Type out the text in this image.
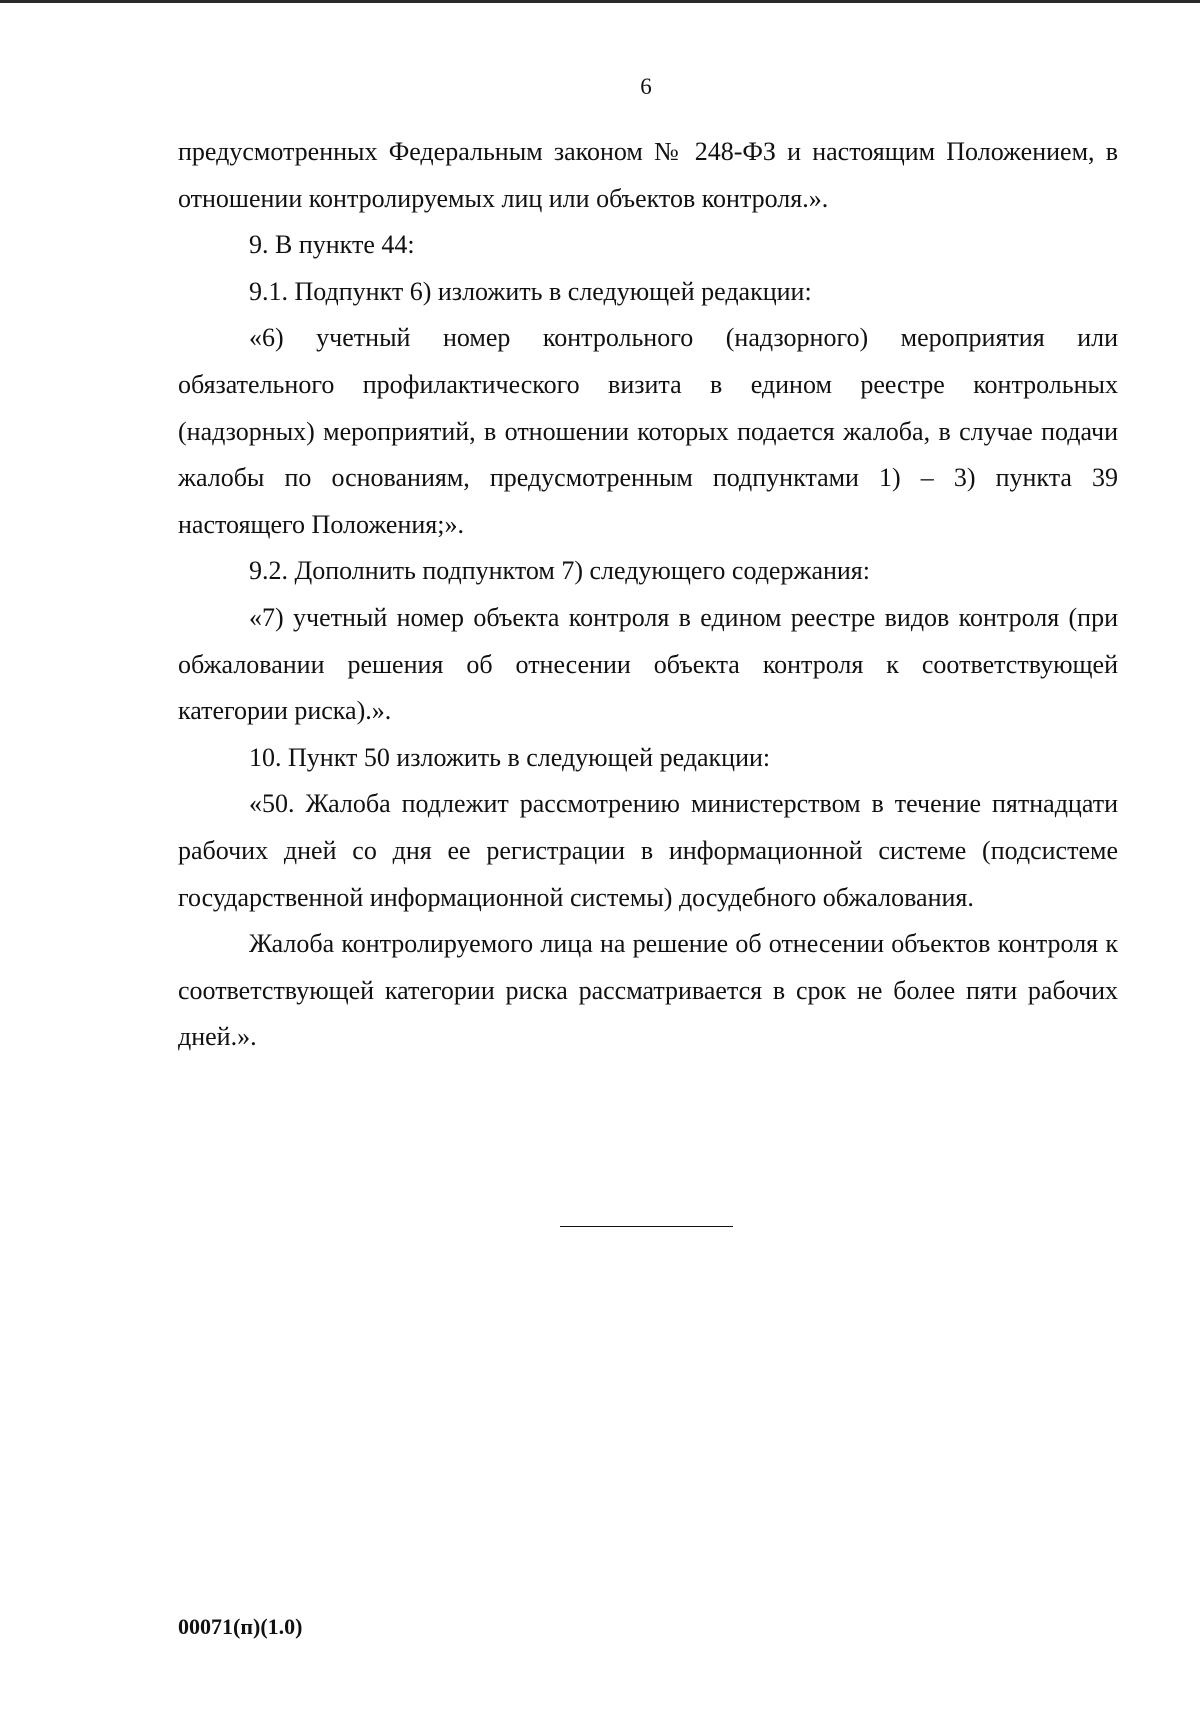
6

предусмотренных Федеральным законом № 248-ФЗ и настоящим Положением, в отношении контролируемых лиц или объектов контроля.».

9. В пункте 44:

9.1. Подпункт 6) изложить в следующей редакции:

«6) учетный номер контрольного (надзорного) мероприятия или обязательного профилактического визита в едином реестре контрольных (надзорных) мероприятий, в отношении которых подается жалоба, в случае подачи жалобы по основаниям, предусмотренным подпунктами 1) – 3) пункта 39 настоящего Положения;».

9.2. Дополнить подпунктом 7) следующего содержания:

«7) учетный номер объекта контроля в едином реестре видов контроля (при обжаловании решения об отнесении объекта контроля к соответствующей категории риска).».

10. Пункт 50 изложить в следующей редакции:

«50. Жалоба подлежит рассмотрению министерством в течение пятнадцати рабочих дней со дня ее регистрации в информационной системе (подсистеме государственной информационной системы) досудебного обжалования.

Жалоба контролируемого лица на решение об отнесении объектов контроля к соответствующей категории риска рассматривается в срок не более пяти рабочих дней.».

00071(п)(1.0)
